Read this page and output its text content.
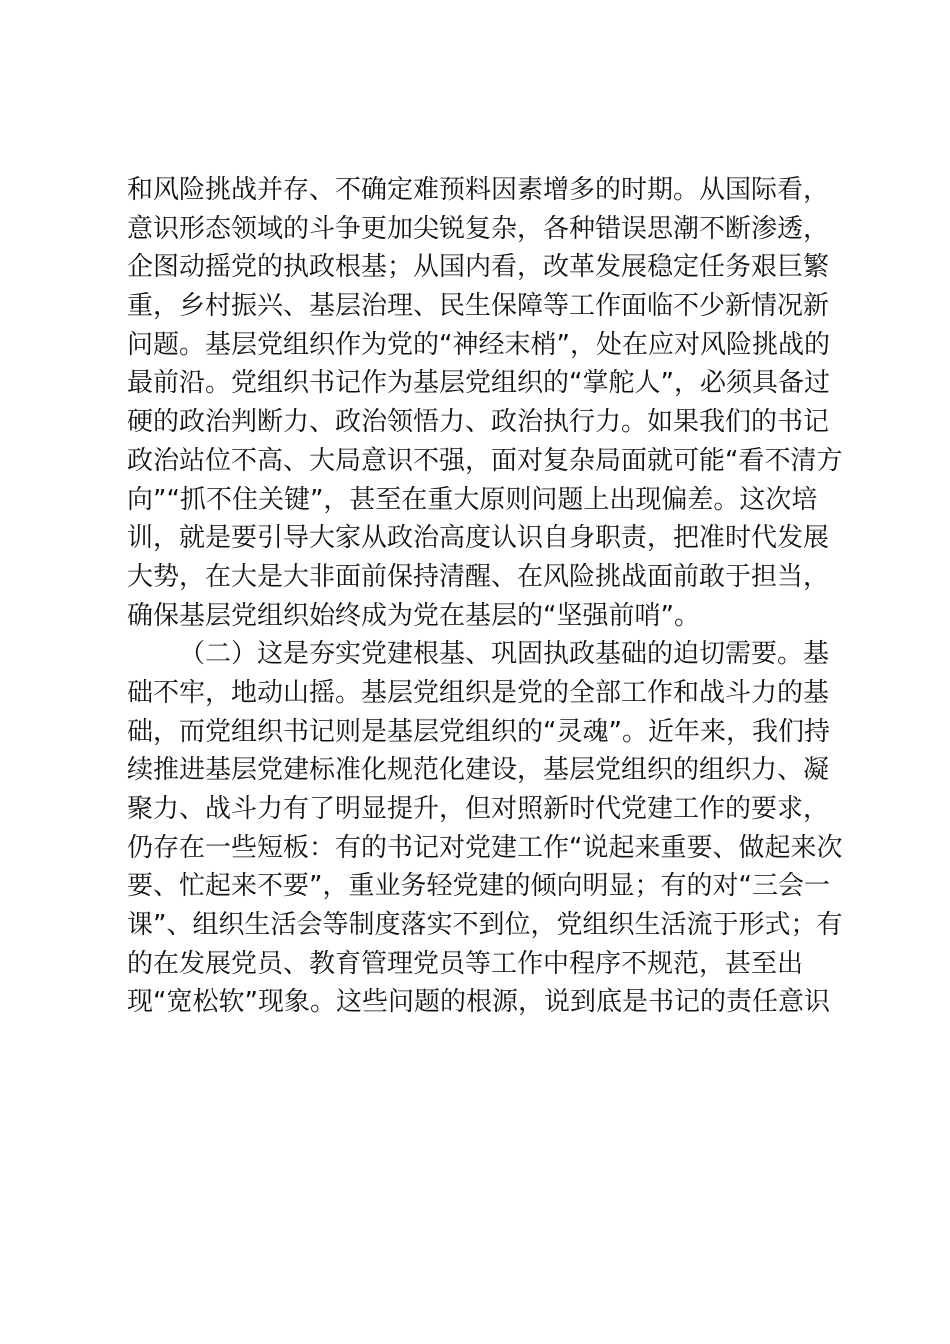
和风险挑战并存、不确定难预料因素增多的时期。从国际看，
意识形态领域的斗争更加尖锐复杂，各种错误思潮不断渗透，
企图动摇党的执政根基；从国内看，改革发展稳定任务艰巨繁
重，乡村振兴、基层治理、民生保障等工作面临不少新情况新
问题。基层党组织作为党的“神经末梢”，处在应对风险挑战的
最前沿。党组织书记作为基层党组织的“掌舵人”，必须具备过
硬的政治判断力、政治领悟力、政治执行力。如果我们的书记
政治站位不高、大局意识不强，面对复杂局面就可能“看不清方
向”“抓不住关键”，甚至在重大原则问题上出现偏差。这次培
训，就是要引导大家从政治高度认识自身职责，把准时代发展
大势，在大是大非面前保持清醒、在风险挑战面前敢于担当，
确保基层党组织始终成为党在基层的“坚强前哨”。
（二）这是夯实党建根基、巩固执政基础的迫切需要。基
础不牢，地动山摇。基层党组织是党的全部工作和战斗力的基
础，而党组织书记则是基层党组织的“灵魂”。近年来，我们持
续推进基层党建标准化规范化建设，基层党组织的组织力、凝
聚力、战斗力有了明显提升，但对照新时代党建工作的要求，
仍存在一些短板：有的书记对党建工作“说起来重要、做起来次
要、忙起来不要”，重业务轻党建的倾向明显；有的对“三会一
课”、组织生活会等制度落实不到位，党组织生活流于形式；有
的在发展党员、教育管理党员等工作中程序不规范，甚至出
现“宽松软”现象。这些问题的根源，说到底是书记的责任意识
